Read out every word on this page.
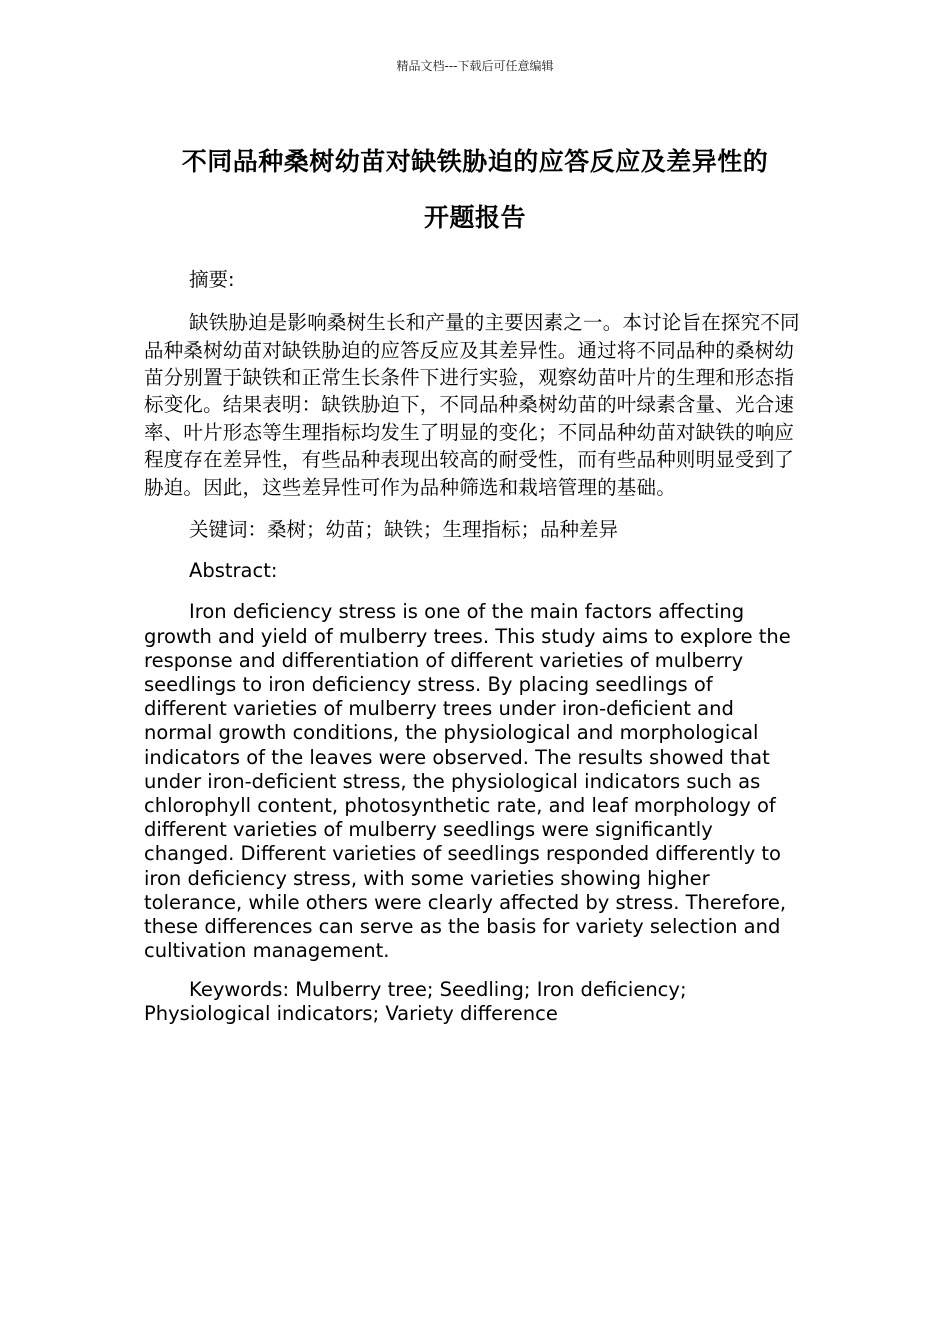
精品文档---下载后可任意编辑
不同品种桑树幼苗对缺铁胁迫的应答反应及差异性的
开题报告

摘要:

缺铁胁迫是影响桑树生长和产量的主要因素之一。本讨论旨在探究不同品种桑树幼苗对缺铁胁迫的应答反应及其差异性。通过将不同品种的桑树幼苗分别置于缺铁和正常生长条件下进行实验，观察幼苗叶片的生理和形态指标变化。结果表明：缺铁胁迫下，不同品种桑树幼苗的叶绿素含量、光合速率、叶片形态等生理指标均发生了明显的变化；不同品种幼苗对缺铁的响应程度存在差异性，有些品种表现出较高的耐受性，而有些品种则明显受到了胁迫。因此，这些差异性可作为品种筛选和栽培管理的基础。

关键词：桑树；幼苗；缺铁；生理指标；品种差异

Abstract:

Iron deficiency stress is one of the main factors affecting growth and yield of mulberry trees. This study aims to explore the response and differentiation of different varieties of mulberry seedlings to iron deficiency stress. By placing seedlings of different varieties of mulberry trees under iron-deficient and normal growth conditions, the physiological and morphological indicators of the leaves were observed. The results showed that under iron-deficient stress, the physiological indicators such as chlorophyll content, photosynthetic rate, and leaf morphology of different varieties of mulberry seedlings were significantly changed. Different varieties of seedlings responded differently to iron deficiency stress, with some varieties showing higher tolerance, while others were clearly affected by stress. Therefore, these differences can serve as the basis for variety selection and cultivation management.

Keywords: Mulberry tree; Seedling; Iron deficiency; Physiological indicators; Variety difference
